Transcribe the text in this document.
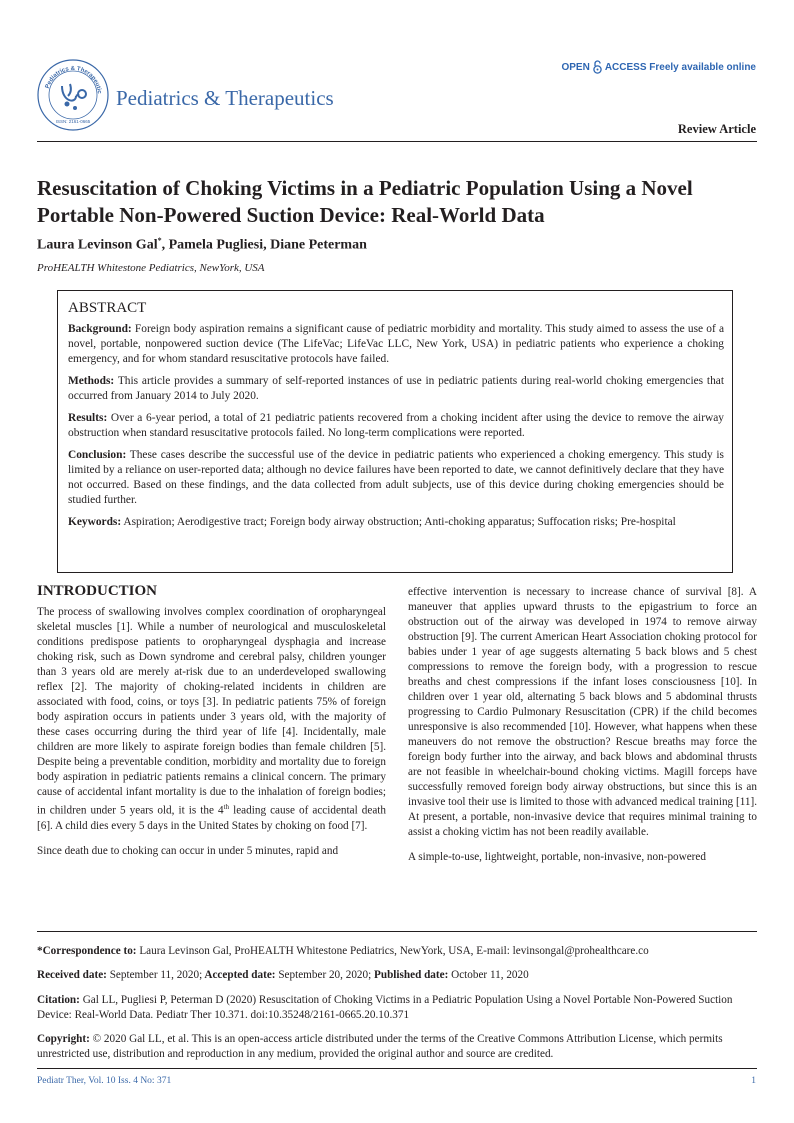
Pediatrics & Therapeutic
ISSN: 2161-0665
Pediatrics & Therapeutics
OPEN ACCESS Freely available online
Review Article
Resuscitation of Choking Victims in a Pediatric Population Using a Novel Portable Non-Powered Suction Device: Real-World Data
Laura Levinson Gal*, Pamela Pugliesi, Diane Peterman
ProHEALTH Whitestone Pediatrics, NewYork, USA
ABSTRACT

Background: Foreign body aspiration remains a significant cause of pediatric morbidity and mortality. This study aimed to assess the use of a novel, portable, nonpowered suction device (The LifeVac; LifeVac LLC, New York, USA) in pediatric patients who experience a choking emergency, and for whom standard resuscitative protocols have failed.

Methods: This article provides a summary of self-reported instances of use in pediatric patients during real-world choking emergencies that occurred from January 2014 to July 2020.

Results: Over a 6-year period, a total of 21 pediatric patients recovered from a choking incident after using the device to remove the airway obstruction when standard resuscitative protocols failed. No long-term complications were reported.

Conclusion: These cases describe the successful use of the device in pediatric patients who experienced a choking emergency. This study is limited by a reliance on user-reported data; although no device failures have been reported to date, we cannot definitively declare that they have not occurred. Based on these findings, and the data collected from adult subjects, use of this device during choking emergencies should be studied further.

Keywords: Aspiration; Aerodigestive tract; Foreign body airway obstruction; Anti-choking apparatus; Suffocation risks; Pre-hospital

INTRODUCTION

The process of swallowing involves complex coordination of oropharyngeal skeletal muscles [1]. While a number of neurological and musculoskeletal conditions predispose patients to oropharyngeal dysphagia and increase choking risk, such as Down syndrome and cerebral palsy, children younger than 3 years old are merely at-risk due to an underdeveloped swallowing reflex [2]. The majority of choking-related incidents in children are associated with food, coins, or toys [3]. In pediatric patients 75% of foreign body aspiration occurs in patients under 3 years old, with the majority of these cases occurring during the third year of life [4]. Incidentally, male children are more likely to aspirate foreign bodies than female children [5]. Despite being a preventable condition, morbidity and mortality due to foreign body aspiration in pediatric patients remains a clinical concern. The primary cause of accidental infant mortality is due to the inhalation of foreign bodies; in children under 5 years old, it is the 4th leading cause of accidental death [6]. A child dies every 5 days in the United States by choking on food [7].

Since death due to choking can occur in under 5 minutes, rapid and

effective intervention is necessary to increase chance of survival [8]. A maneuver that applies upward thrusts to the epigastrium to force an obstruction out of the airway was developed in 1974 to remove airway obstruction [9]. The current American Heart Association choking protocol for babies under 1 year of age suggests alternating 5 back blows and 5 chest compressions to remove the foreign body, with a progression to rescue breaths and chest compressions if the infant loses consciousness [10]. In children over 1 year old, alternating 5 back blows and 5 abdominal thrusts progressing to Cardio Pulmonary Resuscitation (CPR) if the child becomes unresponsive is also recommended [10]. However, what happens when these maneuvers do not remove the obstruction? Rescue breaths may force the foreign body further into the airway, and back blows and abdominal thrusts are not feasible in wheelchair-bound choking victims. Magill forceps have successfully removed foreign body airway obstructions, but since this is an invasive tool their use is limited to those with advanced medical training [11]. At present, a portable, non-invasive device that requires minimal training to assist a choking victim has not been readily available.

A simple-to-use, lightweight, portable, non-invasive, non-powered

*Correspondence to: Laura Levinson Gal, ProHEALTH Whitestone Pediatrics, NewYork, USA, E-mail: levinsongal@prohealthcare.co
Received date: September 11, 2020; Accepted date: September 20, 2020; Published date: October 11, 2020
Citation: Gal LL, Pugliesi P, Peterman D (2020) Resuscitation of Choking Victims in a Pediatric Population Using a Novel Portable Non-Powered Suction Device: Real-World Data. Pediatr Ther 10.371. doi:10.35248/2161-0665.20.10.371
Copyright: © 2020 Gal LL, et al. This is an open-access article distributed under the terms of the Creative Commons Attribution License, which permits unrestricted use, distribution and reproduction in any medium, provided the original author and source are credited.
Pediatr Ther, Vol. 10 Iss. 4 No: 371	1
